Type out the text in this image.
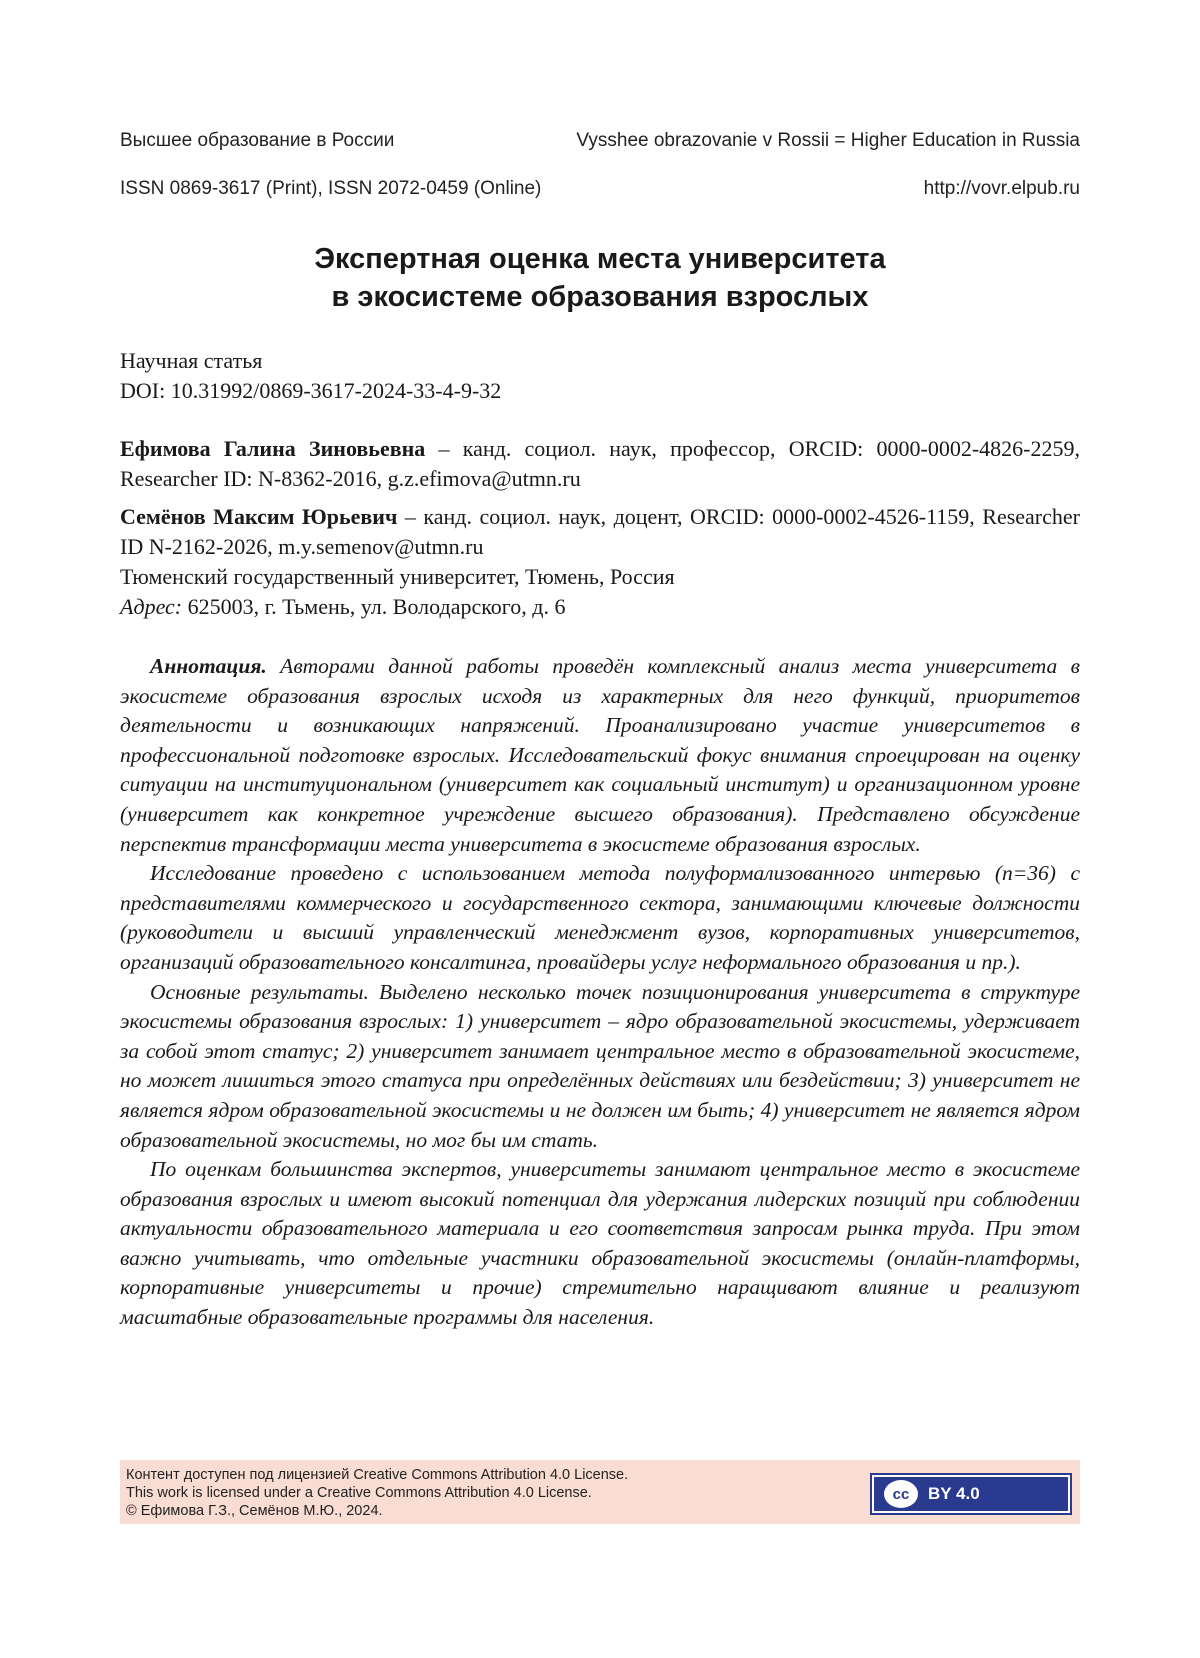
Высшее образование в России	Vysshee obrazovanie v Rossii = Higher Education in Russia
ISSN 0869-3617 (Print), ISSN 2072-0459 (Online)	http://vovr.elpub.ru
Экспертная оценка места университета
в экосистеме образования взрослых
Научная статья
DOI: 10.31992/0869-3617-2024-33-4-9-32

Ефимова Галина Зиновьевна – канд. социол. наук, профессор, ORCID: 0000-0002-4826-2259, Researcher ID: N-8362-2016, g.z.efimova@utmn.ru

Семёнов Максим Юрьевич – канд. социол. наук, доцент, ORCID: 0000-0002-4526-1159, Researcher ID N-2162-2026, m.y.semenov@utmn.ru

Тюменский государственный университет, Тюмень, Россия
Адрес: 625003, г. Тьмень, ул. Володарского, д. 6

Аннотация. Авторами данной работы проведён комплексный анализ места университета в экосистеме образования взрослых исходя из характерных для него функций, приоритетов деятельности и возникающих напряжений. Проанализировано участие университетов в профессиональной подготовке взрослых. Исследовательский фокус внимания спроецирован на оценку ситуации на институциональном (университет как социальный институт) и организационном уровне (университет как конкретное учреждение высшего образования). Представлено обсуждение перспектив трансформации места университета в экосистеме образования взрослых.

Исследование проведено с использованием метода полуформализованного интервью (n=36) с представителями коммерческого и государственного сектора, занимающими ключевые должности (руководители и высший управленческий менеджмент вузов, корпоративных университетов, организаций образовательного консалтинга, провайдеры услуг неформального образования и пр.).

Основные результаты. Выделено несколько точек позиционирования университета в структуре экосистемы образования взрослых: 1) университет – ядро образовательной экосистемы, удерживает за собой этот статус; 2) университет занимает центральное место в образовательной экосистеме, но может лишиться этого статуса при определённых действиях или бездействии; 3) университет не является ядром образовательной экосистемы и не должен им быть; 4) университет не является ядром образовательной экосистемы, но мог бы им стать.

По оценкам большинства экспертов, университеты занимают центральное место в экосистеме образования взрослых и имеют высокий потенциал для удержания лидерских позиций при соблюдении актуальности образовательного материала и его соответствия запросам рынка труда. При этом важно учитывать, что отдельные участники образовательной экосистемы (онлайн-платформы, корпоративные университеты и прочие) стремительно наращивают влияние и реализуют масштабные образовательные программы для населения.

Контент доступен под лицензией Creative Commons Attribution 4.0 License.
This work is licensed under a Creative Commons Attribution 4.0 License.
© Ефимова Г.З., Семёнов М.Ю., 2024.
cc	BY 4.0
